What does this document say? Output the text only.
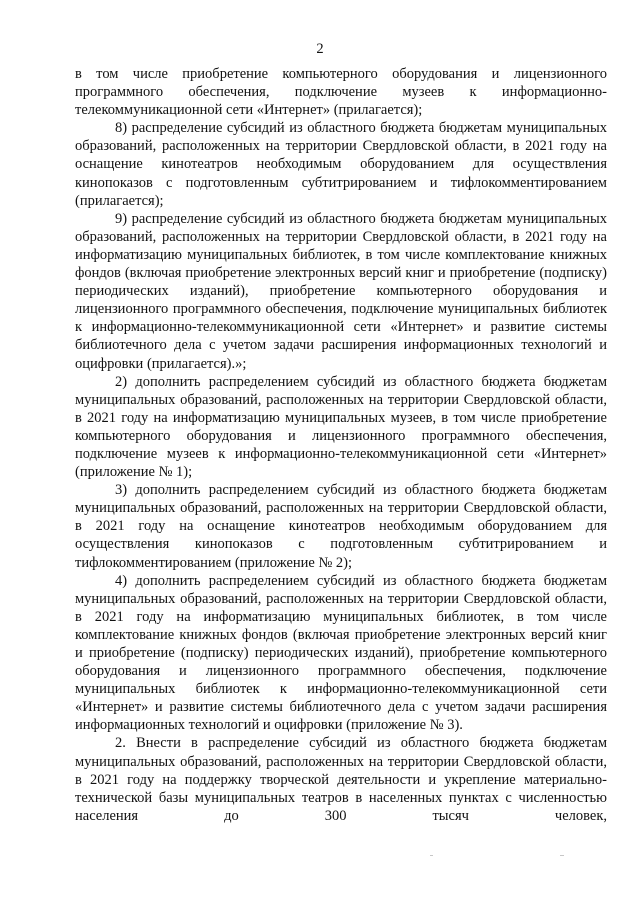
2

в том числе приобретение компьютерного оборудования и лицензионного программного обеспечения, подключение музеев к информационно-телекоммуникационной сети «Интернет» (прилагается);

8) распределение субсидий из областного бюджета бюджетам муниципальных образований, расположенных на территории Свердловской области, в 2021 году на оснащение кинотеатров необходимым оборудованием для осуществления кинопоказов с подготовленным субтитрированием и тифлокомментированием (прилагается);

9) распределение субсидий из областного бюджета бюджетам муниципальных образований, расположенных на территории Свердловской области, в 2021 году на информатизацию муниципальных библиотек, в том числе комплектование книжных фондов (включая приобретение электронных версий книг и приобретение (подписку) периодических изданий), приобретение компьютерного оборудования и лицензионного программного обеспечения, подключение муниципальных библиотек к информационно-телекоммуникационной сети «Интернет» и развитие системы библиотечного дела с учетом задачи расширения информационных технологий и оцифровки (прилагается).»;

2) дополнить распределением субсидий из областного бюджета бюджетам муниципальных образований, расположенных на территории Свердловской области, в 2021 году на информатизацию муниципальных музеев, в том числе приобретение компьютерного оборудования и лицензионного программного обеспечения, подключение музеев к информационно-телекоммуникационной сети «Интернет» (приложение № 1);

3) дополнить распределением субсидий из областного бюджета бюджетам муниципальных образований, расположенных на территории Свердловской области, в 2021 году на оснащение кинотеатров необходимым оборудованием для осуществления кинопоказов с подготовленным субтитрированием и тифлокомментированием (приложение № 2);

4) дополнить распределением субсидий из областного бюджета бюджетам муниципальных образований, расположенных на территории Свердловской области, в 2021 году на информатизацию муниципальных библиотек, в том числе комплектование книжных фондов (включая приобретение электронных версий книг и приобретение (подписку) периодических изданий), приобретение компьютерного оборудования и лицензионного программного обеспечения, подключение муниципальных библиотек к информационно-телекоммуникационной сети «Интернет» и развитие системы библиотечного дела с учетом задачи расширения информационных технологий и оцифровки (приложение № 3).

2. Внести в распределение субсидий из областного бюджета бюджетам муниципальных образований, расположенных на территории Свердловской области, в 2021 году на поддержку творческой деятельности и укрепление материально-технической базы муниципальных театров в населенных пунктах с численностью населения до 300 тысяч человек,
